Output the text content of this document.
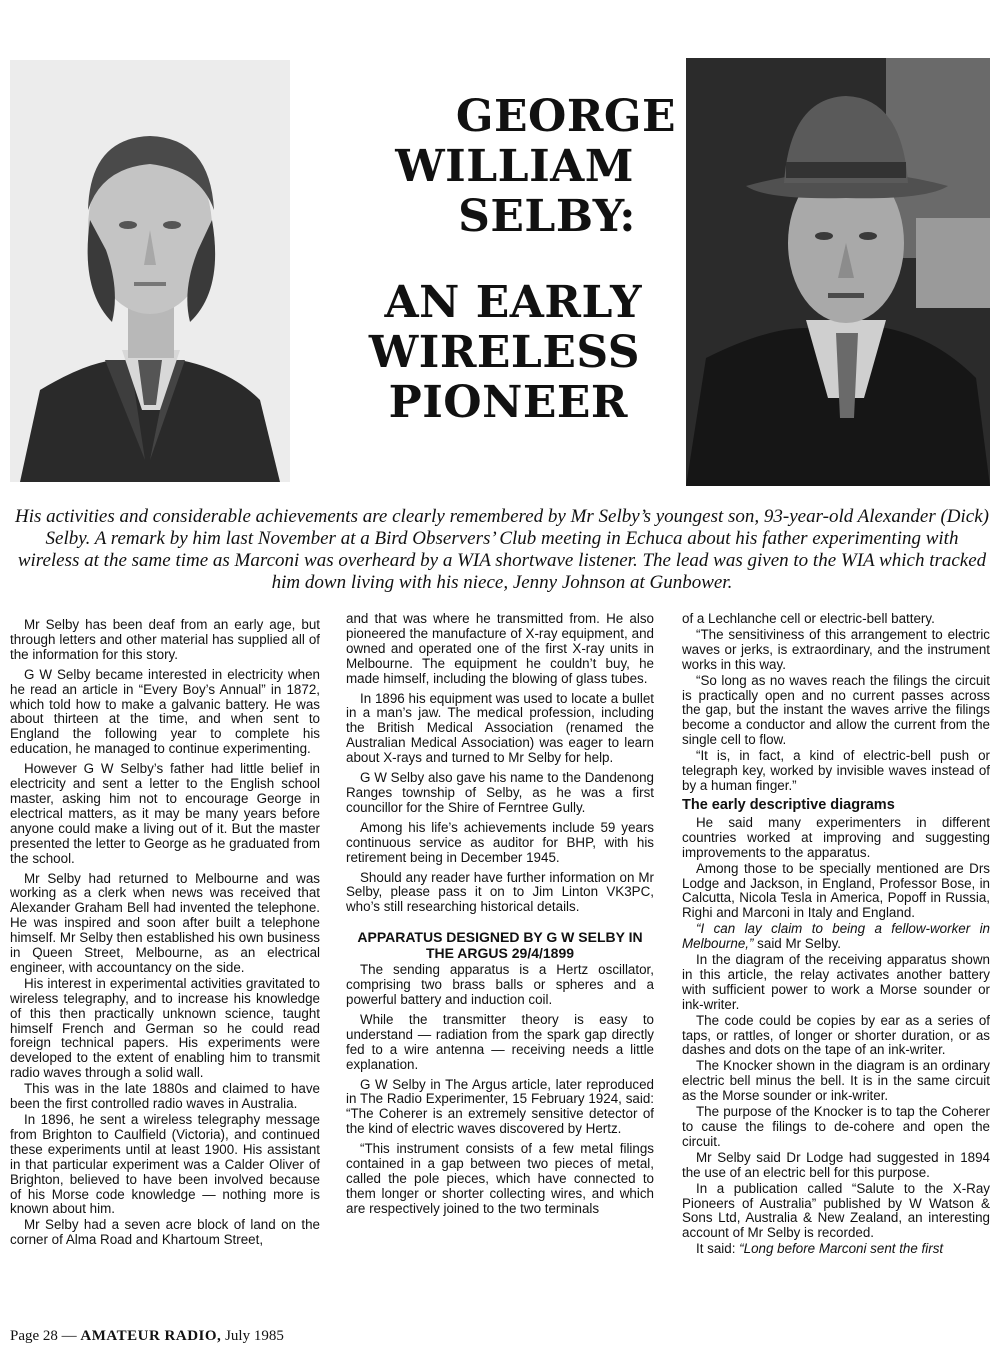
GEORGE
WILLIAM
SELBY:
AN EARLY
WIRELESS
PIONEER
His activities and considerable achievements are clearly remembered by Mr Selby’s youngest son, 93-year-old Alexander (Dick) Selby. A remark by him last November at a Bird Observers’ Club meeting in Echuca about his father experimenting with wireless at the same time as Marconi was overheard by a WIA shortwave listener. The lead was given to the WIA which tracked him down living with his niece, Jenny Johnson at Gunbower.

Mr Selby has been deaf from an early age, but through letters and other material has supplied all of the information for this story.

G W Selby became interested in electricity when he read an article in “Every Boy’s Annual” in 1872, which told how to make a galvanic battery. He was about thirteen at the time, and when sent to England the following year to complete his education, he managed to continue experimenting.

However G W Selby’s father had little belief in electricity and sent a letter to the English school master, asking him not to encourage George in electrical matters, as it may be many years before anyone could make a living out of it. But the master presented the letter to George as he graduated from the school.

Mr Selby had returned to Melbourne and was working as a clerk when news was received that Alexander Graham Bell had invented the telephone. He was inspired and soon after built a telephone himself. Mr Selby then established his own business in Queen Street, Melbourne, as an electrical engineer, with accountancy on the side.

His interest in experimental activities gravitated to wireless telegraphy, and to increase his knowledge of this then practically unknown science, taught himself French and German so he could read foreign technical papers. His experiments were developed to the extent of enabling him to transmit radio waves through a solid wall.

This was in the late 1880s and claimed to have been the first controlled radio waves in Australia.

In 1896, he sent a wireless telegraphy message from Brighton to Caulfield (Victoria), and continued these experiments until at least 1900. His assistant in that particular experiment was a Calder Oliver of Brighton, believed to have been involved because of his Morse code knowledge — nothing more is known about him.

Mr Selby had a seven acre block of land on the corner of Alma Road and Khartoum Street,

and that was where he transmitted from. He also pioneered the manufacture of X-ray equipment, and owned and operated one of the first X-ray units in Melbourne. The equipment he couldn’t buy, he made himself, including the blowing of glass tubes.

In 1896 his equipment was used to locate a bullet in a man’s jaw. The medical profession, including the British Medical Association (renamed the Australian Medical Association) was eager to learn about X-rays and turned to Mr Selby for help.

G W Selby also gave his name to the Dandenong Ranges township of Selby, as he was a first councillor for the Shire of Ferntree Gully.

Among his life’s achievements include 59 years continuous service as auditor for BHP, with his retirement being in December 1945.

Should any reader have further information on Mr Selby, please pass it on to Jim Linton VK3PC, who’s still researching historical details.

APPARATUS DESIGNED BY G W SELBY IN THE ARGUS 29/4/1899

The sending apparatus is a Hertz oscillator, comprising two brass balls or spheres and a powerful battery and induction coil.

While the transmitter theory is easy to understand — radiation from the spark gap directly fed to a wire antenna — receiving needs a little explanation.

G W Selby in The Argus article, later reproduced in The Radio Experimenter, 15 February 1924, said: “The Coherer is an extremely sensitive detector of the kind of electric waves discovered by Hertz.

“This instrument consists of a few metal filings contained in a gap between two pieces of metal, called the pole pieces, which have connected to them longer or shorter collecting wires, and which are respectively joined to the two terminals

of a Lechlanche cell or electric-bell battery.

“The sensitiviness of this arrangement to electric waves or jerks, is extraordinary, and the instrument works in this way.

“So long as no waves reach the filings the circuit is practically open and no current passes across the gap, but the instant the waves arrive the filings become a conductor and allow the current from the single cell to flow.

“It is, in fact, a kind of electric-bell push or telegraph key, worked by invisible waves instead of by a human finger.”

The early descriptive diagrams

He said many experimenters in different countries worked at improving and suggesting improvements to the apparatus.

Among those to be specially mentioned are Drs Lodge and Jackson, in England, Professor Bose, in Calcutta, Nicola Tesla in America, Popoff in Russia, Righi and Marconi in Italy and England.

“I can lay claim to being a fellow-worker in Melbourne,” said Mr Selby.

In the diagram of the receiving apparatus shown in this article, the relay activates another battery with sufficient power to work a Morse sounder or ink-writer.

The code could be copies by ear as a series of taps, or rattles, of longer or shorter duration, or as dashes and dots on the tape of an ink-writer.

The Knocker shown in the diagram is an ordinary electric bell minus the bell. It is in the same circuit as the Morse sounder or ink-writer.

The purpose of the Knocker is to tap the Coherer to cause the filings to de-cohere and open the circuit.

Mr Selby said Dr Lodge had suggested in 1894 the use of an electric bell for this purpose.

In a publication called “Salute to the X-Ray Pioneers of Australia” published by W Watson & Sons Ltd, Australia & New Zealand, an interesting account of Mr Selby is recorded.

It said: “Long before Marconi sent the first

Page 28 — AMATEUR RADIO, July 1985
